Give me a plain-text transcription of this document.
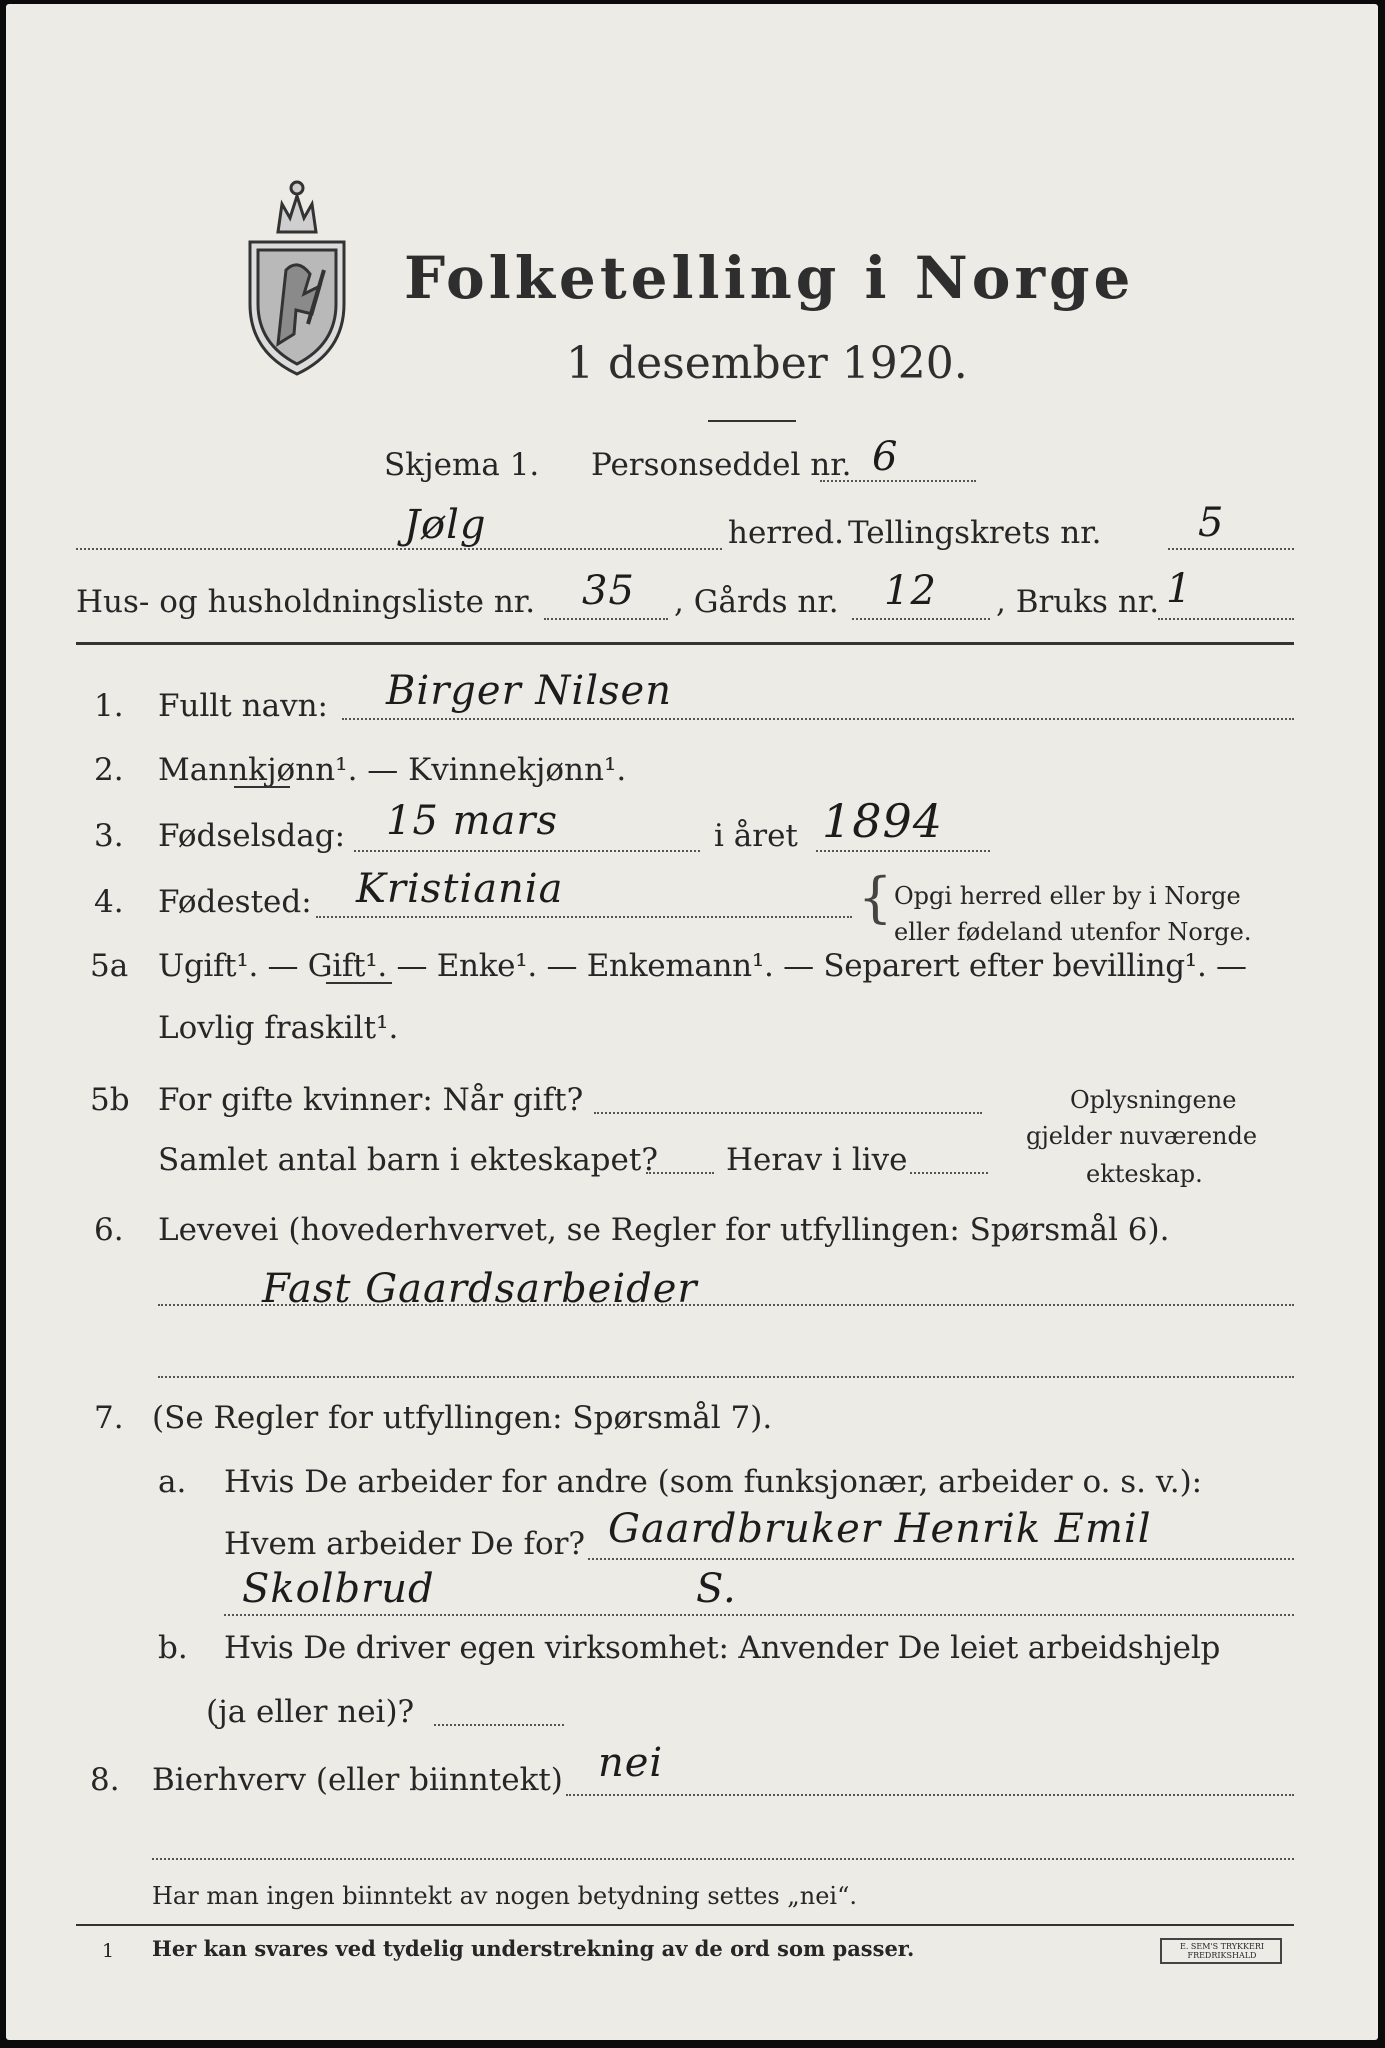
Folketelling i Norge
1 desember 1920.
Skjema 1. Personseddel nr. 6
Jølg	herred. Tellingskrets nr. 5
Hus- og husholdningsliste nr. 35 , Gårds nr. 12 , Bruks nr. 1
1. Fullt navn: Birger Nilsen
2. Mannkjønn¹. — Kvinnekjønn¹.
3. Fødselsdag: 15 mars	i året 1894
4. Fødested: Kristiania	{ Opgi herred eller by i Norge
eller fødeland utenfor Norge.
5a Ugift¹. — Gift¹. — Enke¹. — Enkemann¹. — Separert efter bevilling¹. —
Lovlig fraskilt¹.
5b For gifte kvinner: Når gift?
Samlet antal barn i ekteskapet? Herav i live
Oplysningene
gjelder nuværende
ekteskap.
6. Levevei (hovederhvervet, se Regler for utfyllingen: Spørsmål 6).
Fast Gaardsarbeider
7. (Se Regler for utfyllingen: Spørsmål 7).
a. Hvis De arbeider for andre (som funksjonær, arbeider o. s. v.):
Hvem arbeider De for? Gaardbruker Henrik Emil
Skolbrud	S.
b. Hvis De driver egen virksomhet: Anvender De leiet arbeidshjelp
(ja eller nei)?
8. Bierhverv (eller biinntekt) nei
Har man ingen biinntekt av nogen betydning settes „nei“.
1 Her kan svares ved tydelig understrekning av de ord som passer.	E. SEM'S TRYKKERI FREDRIKSHALD
